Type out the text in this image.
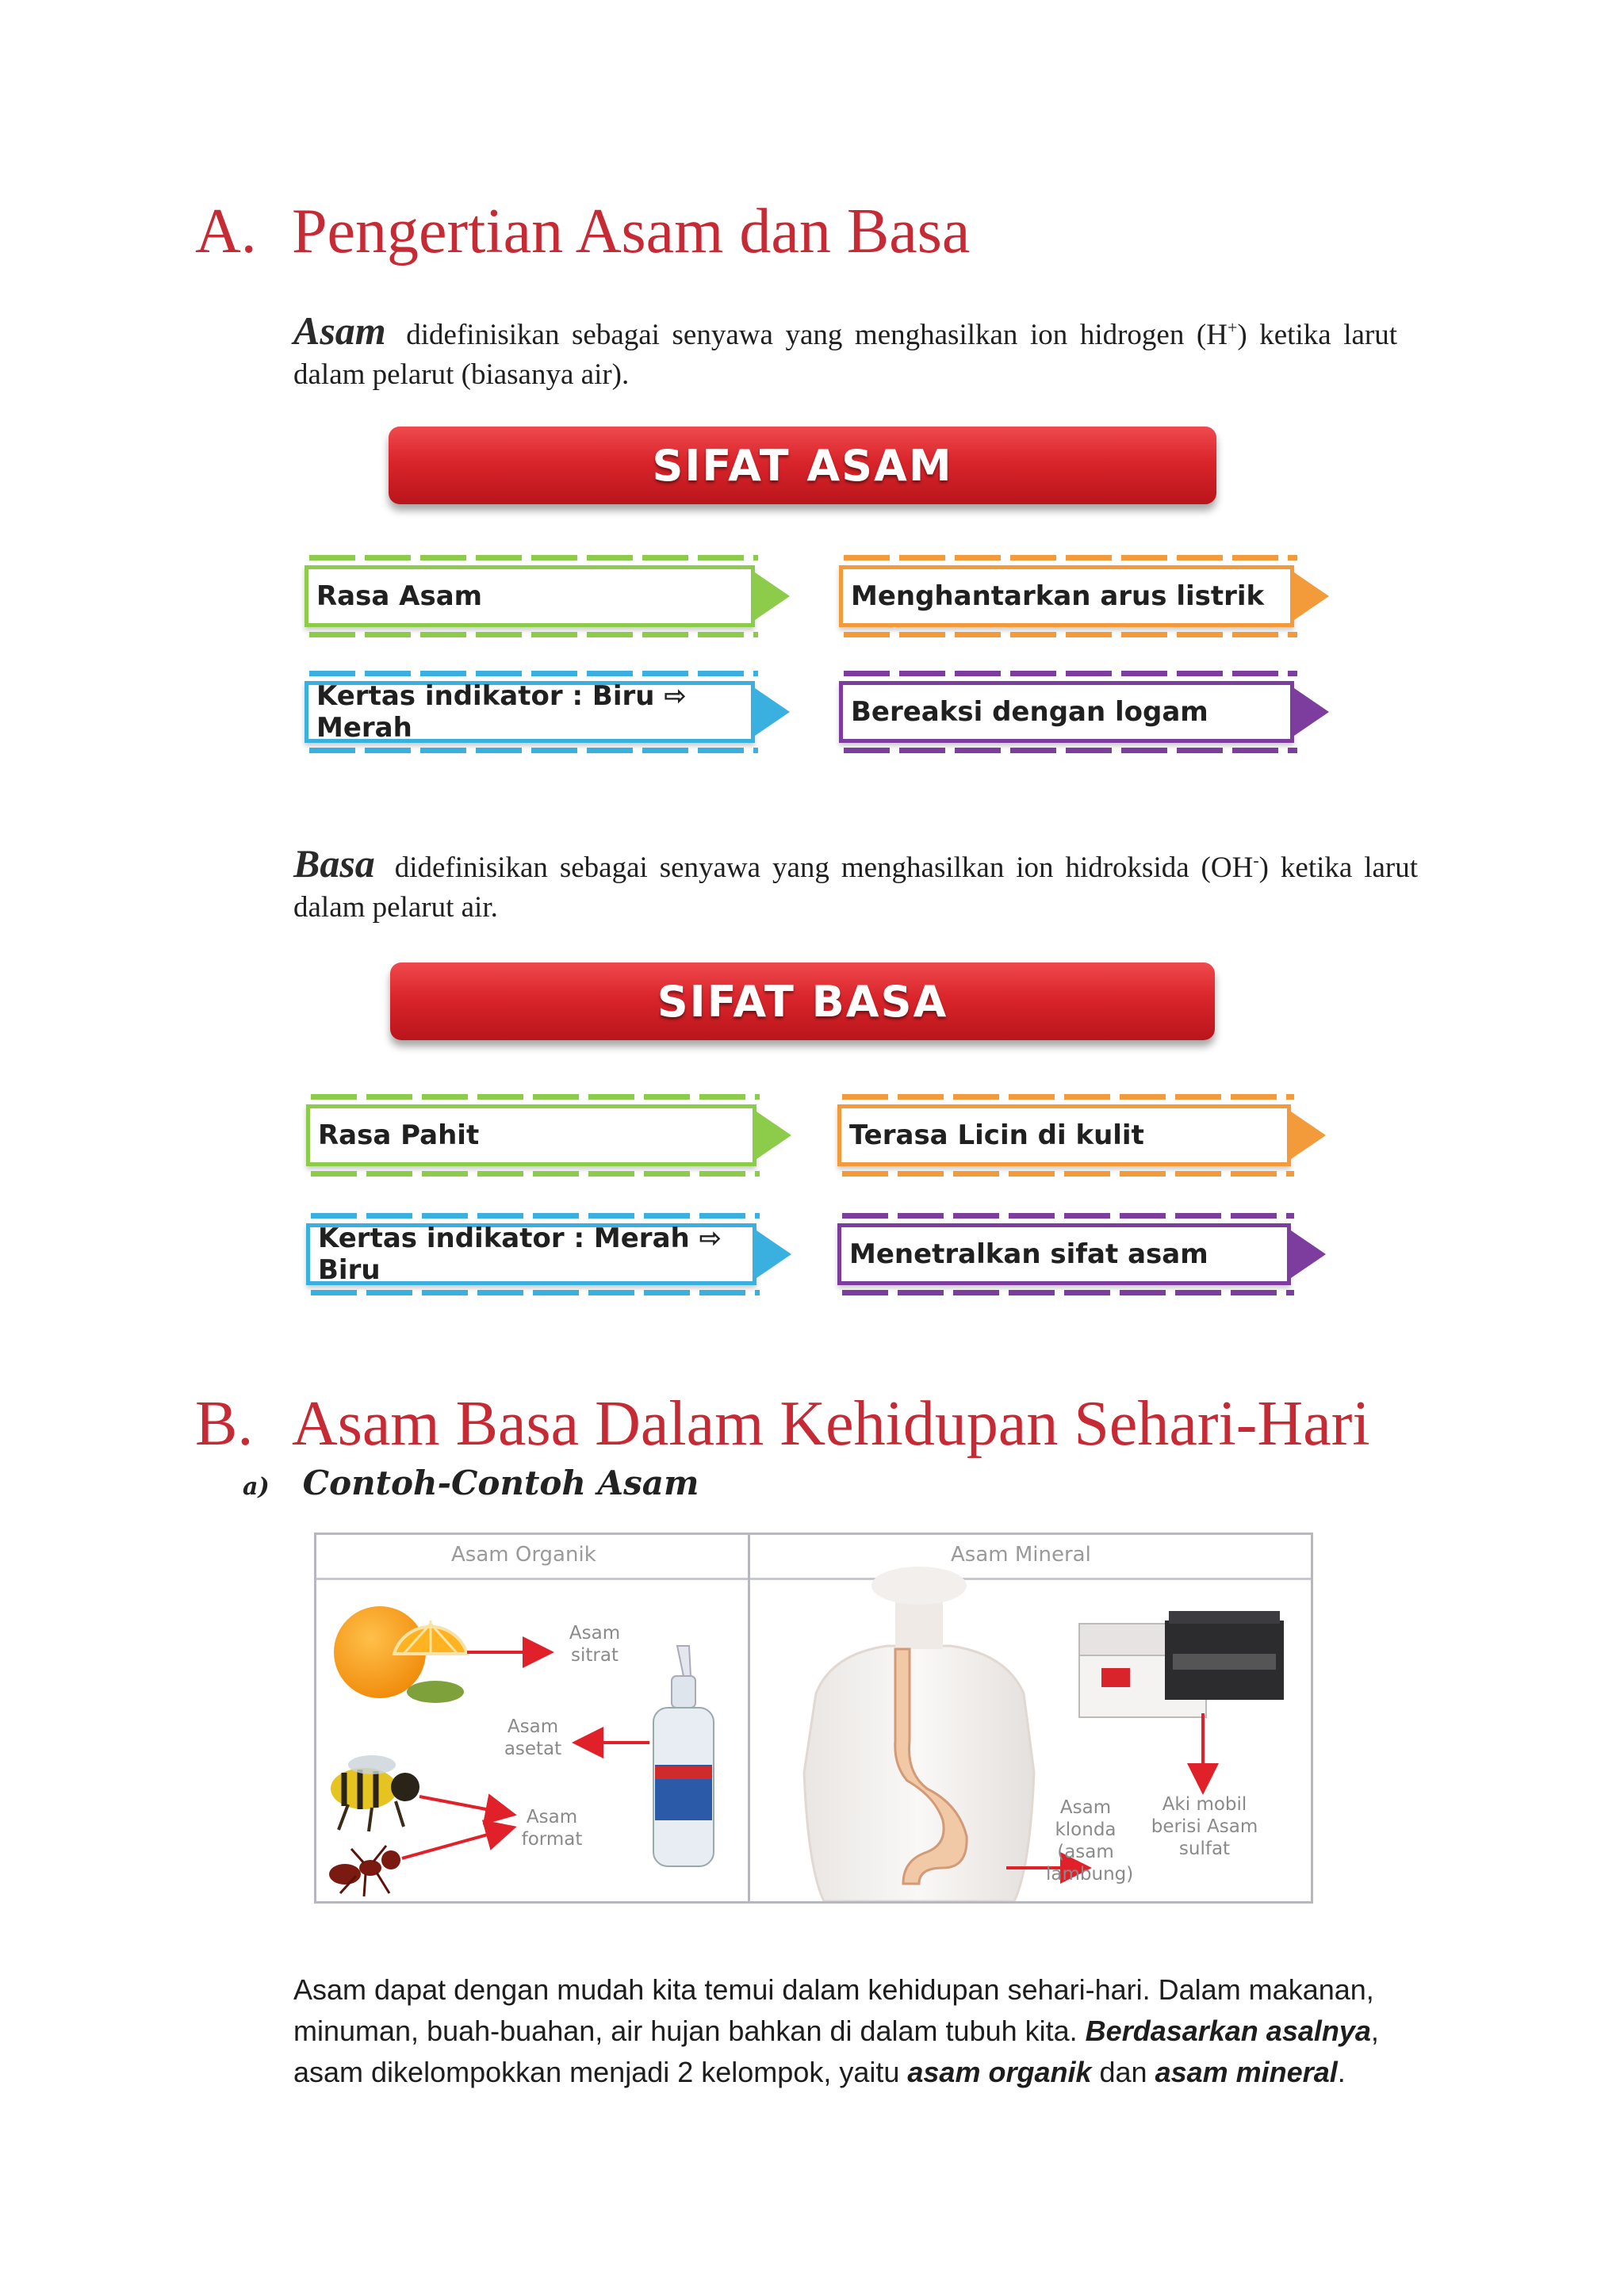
A. Pengertian Asam dan Basa
Asam didefinisikan sebagai senyawa yang menghasilkan ion hidrogen (H+) ketika larut dalam pelarut (biasanya air).
SIFAT ASAM
Rasa Asam	Menghantarkan arus listrik
Kertas indikator : Biru ⇨ Merah	Bereaksi dengan logam
Basa didefinisikan sebagai senyawa yang menghasilkan ion hidroksida (OH-) ketika larut dalam pelarut air.
SIFAT BASA
Rasa Pahit	Terasa Licin di kulit
Kertas indikator : Merah ⇨ Biru	Menetralkan sifat asam
B. Asam Basa Dalam Kehidupan Sehari-Hari
a) Contoh-Contoh Asam
Asam Organik	Asam Mineral
Asam sitrat
Asam asetat
Asam format
Asam klonda (asam lambung)
Aki mobil berisi Asam sulfat
Asam dapat dengan mudah kita temui dalam kehidupan sehari-hari. Dalam makanan, minuman, buah-buahan, air hujan bahkan di dalam tubuh kita. Berdasarkan asalnya, asam dikelompokkan menjadi 2 kelompok, yaitu asam organik dan asam mineral.
